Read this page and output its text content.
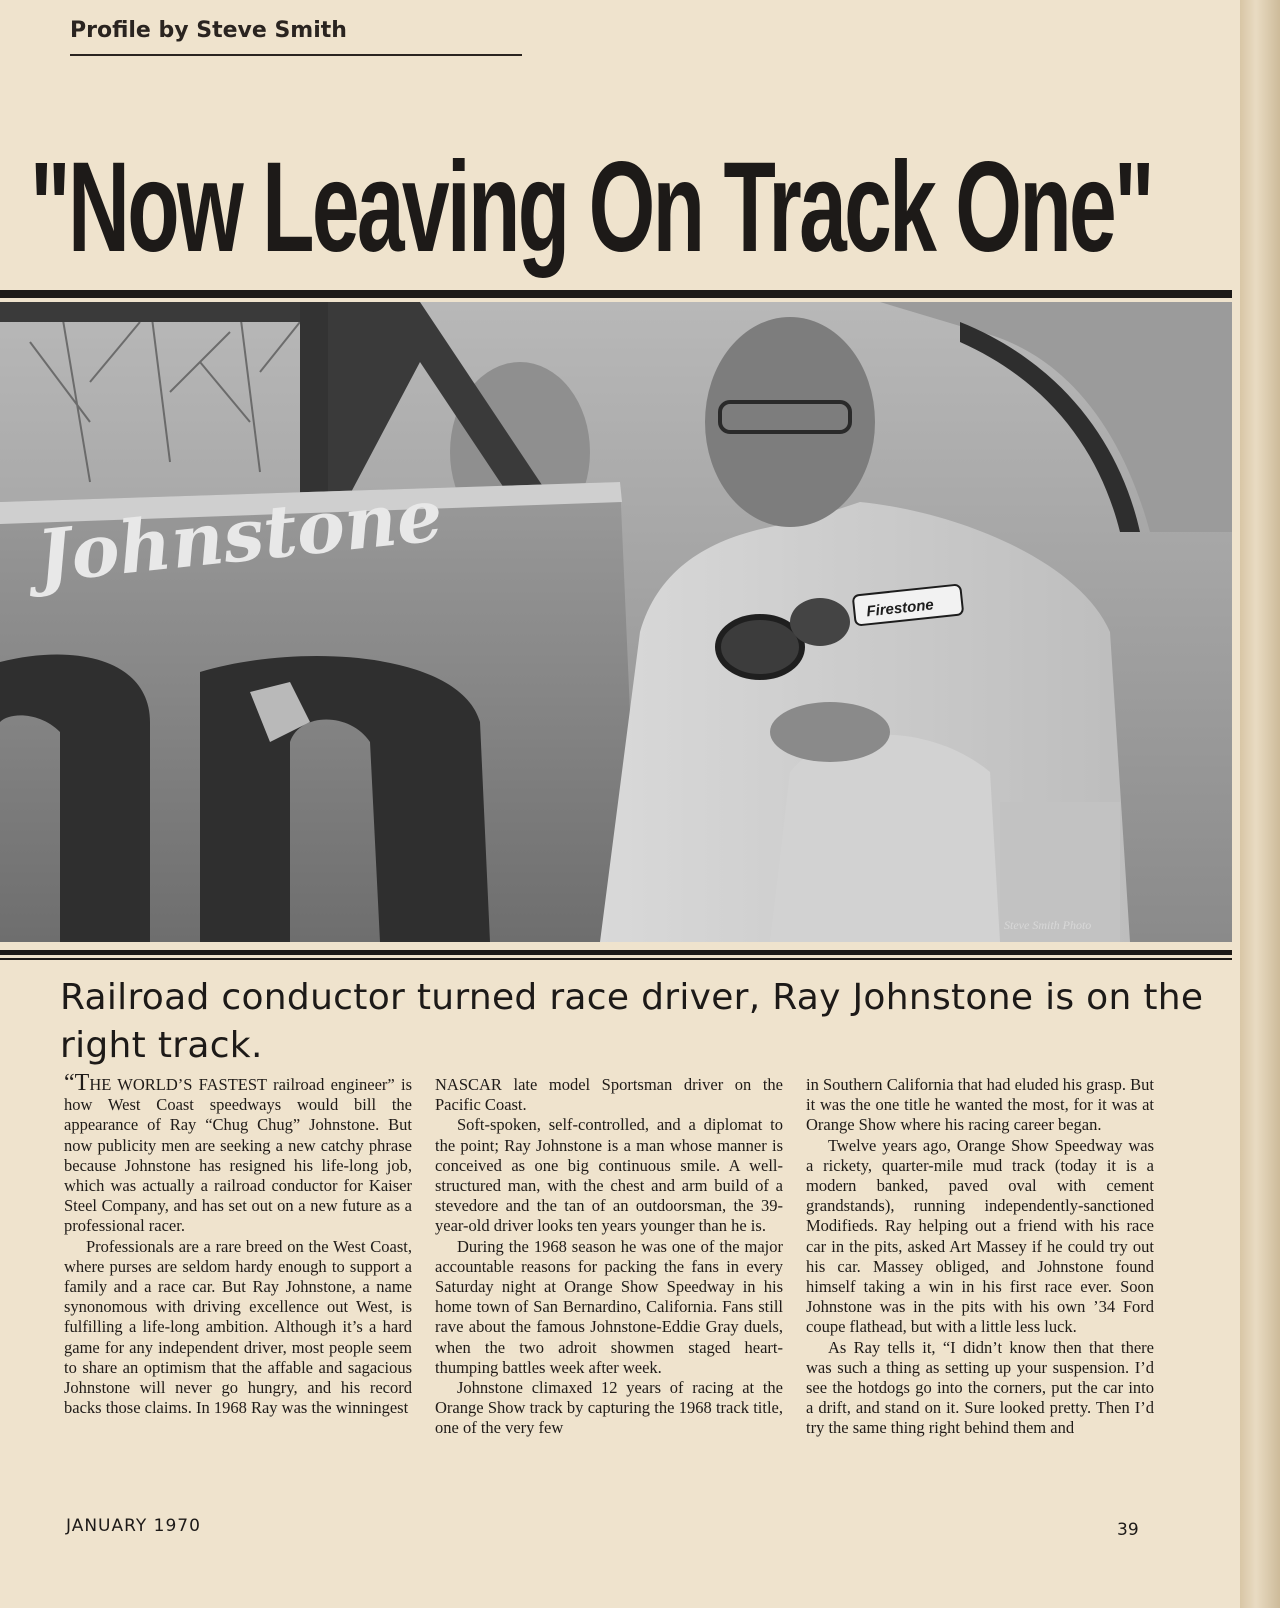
Profile by Steve Smith
"Now Leaving On Track One"
Firestone
Johnstone
Steve Smith Photo
Railroad conductor turned race driver, Ray Johnstone is on the right track.

“THE WORLD’S FASTEST railroad engineer” is how West Coast speedways would bill the appearance of Ray “Chug Chug” Johnstone. But now publicity men are seeking a new catchy phrase because Johnstone has resigned his life-long job, which was actually a railroad conductor for Kaiser Steel Company, and has set out on a new future as a professional racer.

Professionals are a rare breed on the West Coast, where purses are seldom hardy enough to support a family and a race car. But Ray Johnstone, a name synonomous with driving excellence out West, is fulfilling a life-long ambition. Although it’s a hard game for any independent driver, most people seem to share an optimism that the affable and sagacious Johnstone will never go hungry, and his record backs those claims. In 1968 Ray was the winningest

NASCAR late model Sportsman driver on the Pacific Coast.

Soft-spoken, self-controlled, and a diplomat to the point; Ray Johnstone is a man whose manner is conceived as one big continuous smile. A well-structured man, with the chest and arm build of a stevedore and the tan of an outdoorsman, the 39-year-old driver looks ten years younger than he is.

During the 1968 season he was one of the major accountable reasons for packing the fans in every Saturday night at Orange Show Speedway in his home town of San Bernardino, California. Fans still rave about the famous Johnstone-Eddie Gray duels, when the two adroit showmen staged heart-thumping battles week after week.

Johnstone climaxed 12 years of racing at the Orange Show track by capturing the 1968 track title, one of the very few

in Southern California that had eluded his grasp. But it was the one title he wanted the most, for it was at Orange Show where his racing career began.

Twelve years ago, Orange Show Speedway was a rickety, quarter-mile mud track (today it is a modern banked, paved oval with cement grandstands), running independently-sanctioned Modifieds. Ray helping out a friend with his race car in the pits, asked Art Massey if he could try out his car. Massey obliged, and Johnstone found himself taking a win in his first race ever. Soon Johnstone was in the pits with his own ’34 Ford coupe flathead, but with a little less luck.

As Ray tells it, “I didn’t know then that there was such a thing as setting up your suspension. I’d see the hotdogs go into the corners, put the car into a drift, and stand on it. Sure looked pretty. Then I’d try the same thing right behind them and

JANUARY 1970	39
